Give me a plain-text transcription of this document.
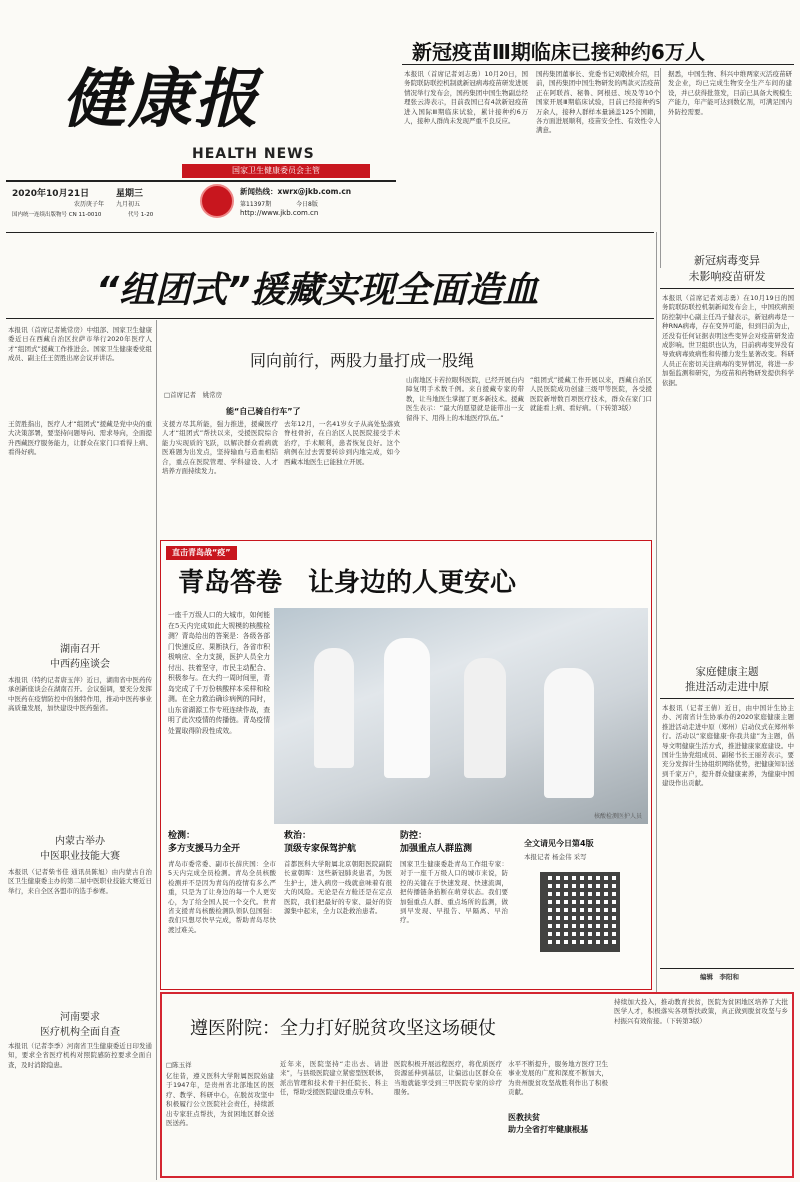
健康报
HEALTH NEWS
国家卫生健康委员会主管
2020年10月21日	星期三
农历庚子年 九月初五
国内统一连续出版物号 CN 11-0010	代号 1-20
新闻热线：xwrx@jkb.com.cn
第11397期	今日8版
http://www.jkb.com.cn
新冠疫苗Ⅲ期临床已接种约6万人
本报讯（首席记者刘志勇）10月20日，国务院联防联控机制就新冠病毒疫苗研发进展情况举行发布会，国药集团中国生物副总经理张云涛表示，目前我国已有4款新冠疫苗进入国际Ⅲ期临床试验，累计接种约6万人，接种人群尚未发现严重不良反应。
国药集团董事长、党委书记刘敬桢介绍，目前，国药集团中国生物研发的两款灭活疫苗正在阿联酋、秘鲁、阿根廷、埃及等10个国家开展Ⅲ期临床试验，目前已经接种约5万余人，接种人群样本量涵盖125个国籍，各方面进展顺利，疫苗安全性、有效性令人满意。
据悉，中国生物、科兴中维两家灭活疫苗研发企业，均已完成生物安全生产车间的建设，并已获得批签发，目前已具备大规模生产能力，年产能可达到数亿剂，可满足国内外防控需要。
“组团式”援藏实现全面造血
本报讯（首席记者姚常房）中组部、国家卫生健康委近日在西藏自治区拉萨市举行2020年医疗人才“组团式”援藏工作推进会。国家卫生健康委党组成员、副主任王贺胜出席会议并讲话。
王贺胜指出，医疗人才“组团式”援藏是党中央的重大决策部署，要坚持问题导向、需求导向，全面提升西藏医疗服务能力，让群众在家门口看得上病、看得好病。
同向前行，两股力量打成一股绳
□首席记者　姚常房
能“自己骑自行车”了
支援方尽其所能，强力推进，援藏医疗人才“组团式”帮扶以来，受援医院综合能力实现质的飞跃，以解决群众看病就医难题为出发点，坚持输血与造血相结合，重点在医院管理、学科建设、人才培养方面持续发力。
去年12月，一名41岁女子从高处坠落致脊柱骨折，在自治区人民医院接受手术治疗，手术顺利，患者恢复良好。这个病例在过去需要转诊到内地完成，如今西藏本地医生已能独立开展。
山南地区卡若拉眼科医院，已经开展白内障复明手术数千例。来自援藏专家的带教，让当地医生掌握了更多新技术。援藏医生表示：“最大的愿望就是能带出一支留得下、用得上的本地医疗队伍。”
“组团式”援藏工作开展以来，西藏自治区人民医院成功创建三级甲等医院，各受援医院新增数百项医疗技术，群众在家门口就能看上病、看好病。（下转第3版）
新冠病毒变异
未影响疫苗研发
本报讯（首席记者刘志勇）在10月19日的国务院联防联控机制新闻发布会上，中国疾病预防控制中心副主任冯子健表示，新冠病毒是一种RNA病毒，存在变异可能，但到目前为止，还没有任何证据表明这些变异会对疫苗研发造成影响。世卫组织也认为，目前病毒变异没有导致病毒致病性和传播力发生显著改变。科研人员正在密切关注病毒的变异情况，将进一步加强监测和研究，为疫苗和药物研发提供科学依据。
直击青岛战“疫”
青岛答卷　让身边的人更安心
一座千万级人口的大城市，如何能在5天内完成如此大规模的核酸检测？青岛给出的答案是：各级各部门快速反应、果断执行，各省市积极响应、全力支援，医护人员全力付出、扶着坚守，市民主动配合、积极参与。在大约一周时间里，青岛完成了千万份核酸样本采样和检测。在全力救治确诊病例的同时，山东省湖源工作专班连续作战，查明了此次疫情的传播链。青岛疫情处置取得阶段性成效。
核酸检测医护人员
检测：
多方支援马力全开
青岛市委常委、副市长薛庆国：全市5天内完成全员检测。青岛全员核酸检测并不是因为青岛的疫情有多么严重，只是为了让身边的每一个人更安心，为了给全国人民一个交代。世青省支援青岛核酸检测队领队包国强：我们只想尽快早完成，帮助青岛尽快渡过难关。
救治：
顶级专家保驾护航
首都医科大学附属北京朝阳医院副院长童朝晖：这些新冠肺炎患者，为医生护士，进入病房一线就意味着有很大的风险。无论是在方舱还是在定点医院，我们把最好的专家、最好的资源集中起来，全力以赴救治患者。
防控：
加强重点人群监测
国家卫生健康委赴青岛工作组专家：对于一座千万级人口的城市来说，防控的关键在于快速发现、快速流调，把传播链条掐断在萌芽状态。我们要加强重点人群、重点场所的监测，做到早发现、早报告、早隔离、早治疗。
全文请见今日第4版
本报记者 杨金伟 采写
湖南召开
中西药座谈会
本报讯（特约记者唐玉萍）近日，湖南省中医药传承创新座谈会在湖南召开。会议强调，要充分发挥中医药在疫情防控中的独特作用，推动中医药事业高质量发展，加快建设中医药强省。
内蒙古举办
中医职业技能大赛
本报讯（记者柴书佳 通讯员陈旭）由内蒙古自治区卫生健康委主办的第二届中医职业技能大赛近日举行，来自全区各盟市的选手参赛。
河南要求
医疗机构全面自查
本报讯（记者李季）河南省卫生健康委近日印发通知，要求全省医疗机构对照院感防控要求全面自查，及时消除隐患。
家庭健康主题
推进活动走进中原
本报讯（记者王倩）近日，由中国计生协主办、河南省计生协承办的2020家庭健康主题推进活动走进中原（郑州）启动仪式在郑州举行。活动以“家庭健康·你我共建”为主题，倡导文明健康生活方式，推进健康家庭建设。中国计生协党组成员、副秘书长王丽芳表示，要充分发挥计生协组织网络优势，把健康知识送到千家万户，提升群众健康素养，为健康中国建设作出贡献。
编辑　李阳和
遵医附院：全力打好脱贫攻坚这场硬仗
□陈玉祥
亿往昔，遵义医科大学附属医院始建于1947年，是贵州省北部地区的医疗、教学、科研中心，在脱贫攻坚中积极履行公立医院社会责任，持续派出专家驻点帮扶，为贫困地区群众送医送药。
近年来，医院坚持“走出去、请进来”，与县级医院建立紧密型医联体，派出管理和技术骨干担任院长、科主任，帮助受援医院建设重点专科。
医院积极开展远程医疗，将优质医疗资源延伸到基层，让偏远山区群众在当地就能享受到三甲医院专家的诊疗服务。
水平不断提升，服务地方医疗卫生事业发展的广度和深度不断加大，为贵州脱贫攻坚战胜利作出了积极贡献。
医教扶贫
助力全省打牢健康根基
持续加大投入，推动教育扶贫，医院为贫困地区培养了大批医学人才，积极落实各项帮扶政策，真正做到脱贫攻坚与乡村振兴有效衔接。（下转第3版）
